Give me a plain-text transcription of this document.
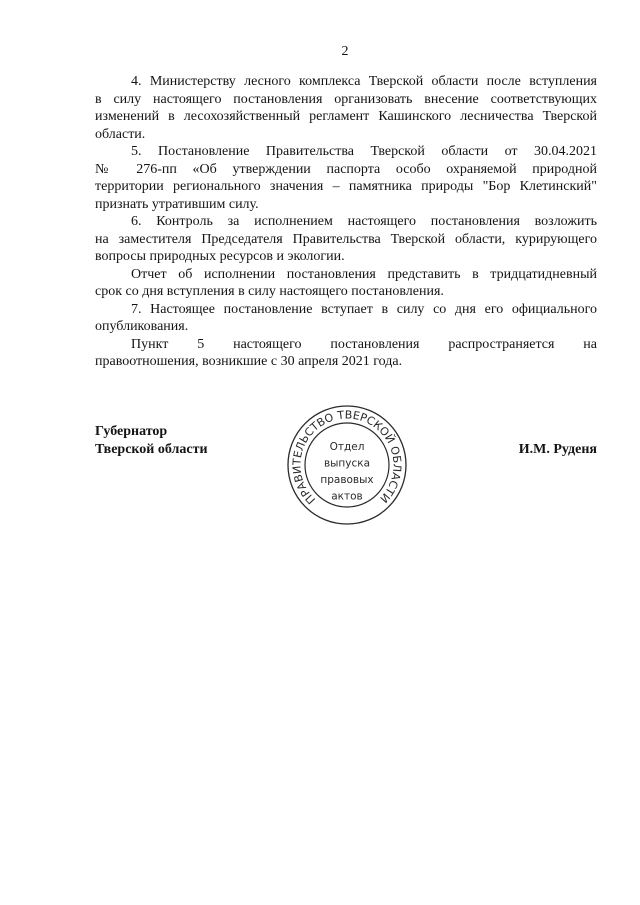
2
4. Министерству лесного комплекса Тверской области после вступления
в силу настоящего постановления организовать внесение соответствующих
изменений в лесохозяйственный регламент Кашинского лесничества Тверской
области.
5. Постановление Правительства Тверской области от 30.04.2021
№ 276-пп «Об утверждении паспорта особо охраняемой природной
территории регионального значения – памятника природы "Бор Клетинский"
признать утратившим силу.
6. Контроль за исполнением настоящего постановления возложить
на заместителя Председателя Правительства Тверской области, курирующего
вопросы природных ресурсов и экологии.
Отчет об исполнении постановления представить в тридцатидневный
срок со дня вступления в силу настоящего постановления.
7. Настоящее постановление вступает в силу со дня его официального
опубликования.
Пункт 5 настоящего постановления распространяется на
правоотношения, возникшие с 30 апреля 2021 года.
Губернатор
Тверской области	И.М. Руденя
ПРАВИТЕЛЬСТВО ТВЕРСКОЙ ОБЛАСТИ
Отдел
выпуска
правовых
актов
